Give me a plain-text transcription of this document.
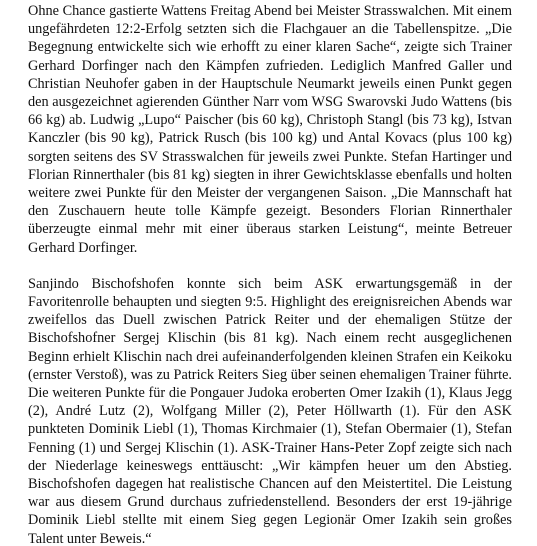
Ohne Chance gastierte Wattens Freitag Abend bei Meister Strasswalchen. Mit einem ungefährdeten 12:2-Erfolg setzten sich die Flachgauer an die Tabellenspitze. „Die Begegnung entwickelte sich wie erhofft zu einer klaren Sache“, zeigte sich Trainer Gerhard Dorfinger nach den Kämpfen zufrieden. Lediglich Manfred Galler und Christian Neuhofer gaben in der Hauptschule Neumarkt jeweils einen Punkt gegen den ausgezeichnet agierenden Günther Narr vom WSG Swarovski Judo Wattens (bis 66 kg) ab. Ludwig „Lupo“ Paischer (bis 60 kg), Christoph Stangl (bis 73 kg), Istvan Kanczler (bis 90 kg), Patrick Rusch (bis 100 kg) und Antal Kovacs (plus 100 kg) sorgten seitens des SV Strasswalchen für jeweils zwei Punkte. Stefan Hartinger und Florian Rinnerthaler (bis 81 kg) siegten in ihrer Gewichtsklasse ebenfalls und holten weitere zwei Punkte für den Meister der vergangenen Saison. „Die Mannschaft hat den Zuschauern heute tolle Kämpfe gezeigt. Besonders Florian Rinnerthaler überzeugte einmal mehr mit einer überaus starken Leistung“, meinte Betreuer Gerhard Dorfinger.

Sanjindo Bischofshofen konnte sich beim ASK erwartungsgemäß in der Favoritenrolle behaupten und siegten 9:5. Highlight des ereignisreichen Abends war zweifellos das Duell zwischen Patrick Reiter und der ehemaligen Stütze der Bischofshofner Sergej Klischin (bis 81 kg). Nach einem recht ausgeglichenen Beginn erhielt Klischin nach drei aufeinanderfolgenden kleinen Strafen ein Keikoku (ernster Verstoß), was zu Patrick Reiters Sieg über seinen ehemaligen Trainer führte. Die weiteren Punkte für die Pongauer Judoka eroberten Omer Izakih (1), Klaus Jegg (2), André Lutz (2), Wolfgang Miller (2), Peter Höllwarth (1). Für den ASK punkteten Dominik Liebl (1), Thomas Kirchmaier (1), Stefan Obermaier (1), Stefan Fenning (1) und Sergej Klischin (1). ASK-Trainer Hans-Peter Zopf zeigte sich nach der Niederlage keineswegs enttäuscht: „Wir kämpfen heuer um den Abstieg. Bischofshofen dagegen hat realistische Chancen auf den Meistertitel. Die Leistung war aus diesem Grund durchaus zufriedenstellend. Besonders der erst 19-jährige Dominik Liebl stellte mit einem Sieg gegen Legionär Omer Izakih sein großes Talent unter Beweis.“
